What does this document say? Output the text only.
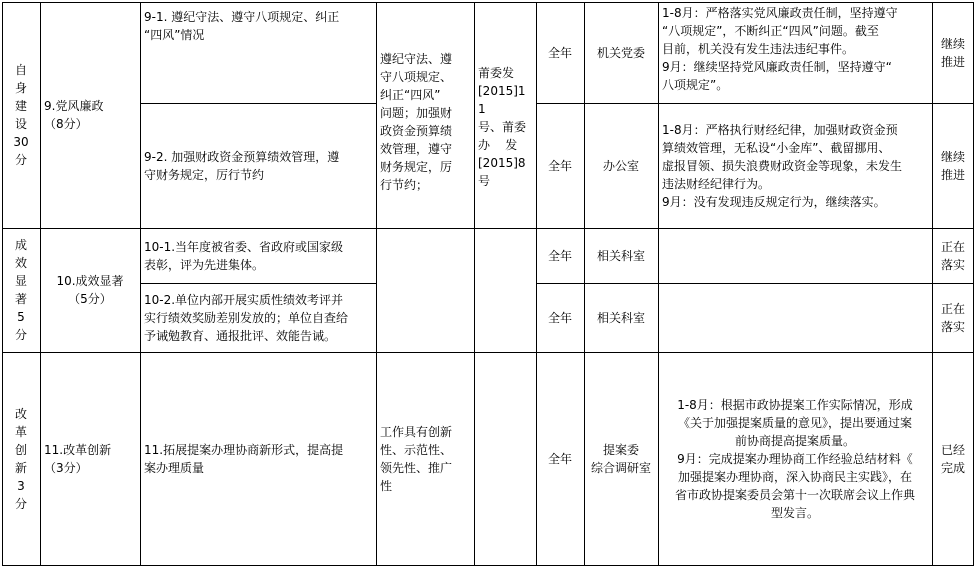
自
身
建
设
30
分
9.党风廉政
（8分）
9-1. 遵纪守法、遵守八项规定、纠正
“四风”情况
9-2. 加强财政资金预算绩效管理，遵
守财务规定，厉行节约
遵纪守法、遵
守八项规定、
纠正“四风”
问题；加强财
政资金预算绩
效管理，遵守
财务规定，厉
行节约；
莆委发
[2015]11
号、莆委
办    发
[2015]8
号
全年
全年
机关党委
办公室
1-8月：严格落实党风廉政责任制，坚持遵守
“八项规定”，不断纠正“四风”问题。截至
目前，机关没有发生违法违纪事件。
9月：继续坚持党风廉政责任制，坚持遵守“
八项规定”。
1-8月：严格执行财经纪律，加强财政资金预
算绩效管理，无私设“小金库”、截留挪用、
虚报冒领、损失浪费财政资金等现象，未发生
违法财经纪律行为。
9月：没有发现违反规定行为，继续落实。
继续
推进
继续
推进
成
效
显
著
5
分
10.成效显著
（5分）
10-1.当年度被省委、省政府或国家级
表彰，评为先进集体。
10-2.单位内部开展实质性绩效考评并
实行绩效奖励差别发放的；单位自查给
予诫勉教育、通报批评、效能告诫。
全年
全年
相关科室
相关科室
正在
落实
正在
落实
改
革
创
新
3
分
11.改革创新
（3分）
11.拓展提案办理协商新形式，提高提
案办理质量
工作具有创新
性、示范性、
领先性、推广
性
全年
提案委
综合调研室
1-8月：根据市政协提案工作实际情况，形成
《关于加强提案质量的意见》，提出要通过案
前协商提高提案质量。
9月：完成提案办理协商工作经验总结材料《
加强提案办理协商，深入协商民主实践》，在
省市政协提案委员会第十一次联席会议上作典
型发言。
已经
完成
